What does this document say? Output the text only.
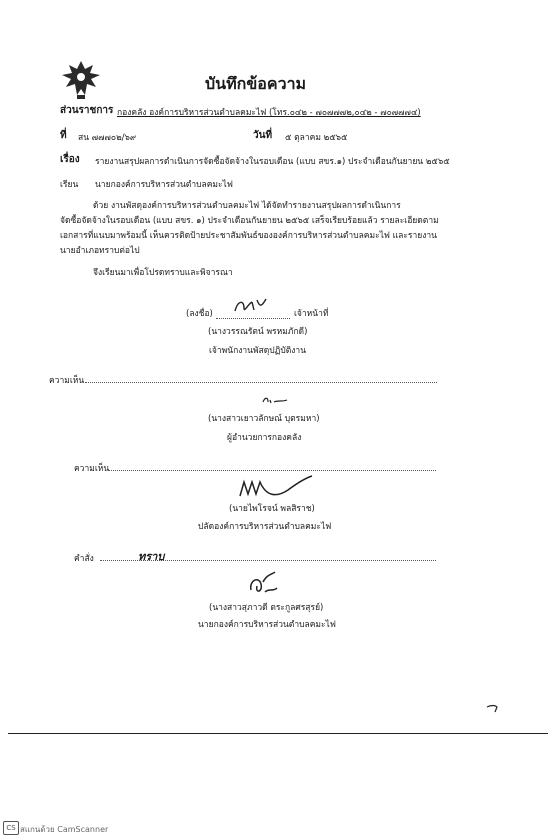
บันทึกข้อความ
ส่วนราชการ กองคลัง องค์การบริหารส่วนตำบลคมะไฟ (โทร.๐๔๒ - ๗๐๗๗๗๒,๐๔๒ - ๗๐๗๗๗๔)
ที่ สน ๗๗๗๐๒/๖๙	วันที่ ๕ ตุลาคม ๒๕๖๕
เรื่อง รายงานสรุปผลการดำเนินการจัดซื้อจัดจ้างในรอบเดือน (แบบ สขร.๑) ประจำเดือนกันยายน ๒๕๖๕
เรียน นายกองค์การบริหารส่วนตำบลคมะไฟ
ด้วย งานพัสดุองค์การบริหารส่วนตำบลคมะไฟ ได้จัดทำรายงานสรุปผลการดำเนินการ
จัดซื้อจัดจ้างในรอบเดือน (แบบ สขร. ๑) ประจำเดือนกันยายน ๒๕๖๕ เสร็จเรียบร้อยแล้ว รายละเอียดตาม
เอกสารที่แนบมาพร้อมนี้ เห็นควรติดป้ายประชาสัมพันธ์ขององค์การบริหารส่วนตำบลคมะไฟ และรายงาน
นายอำเภอทราบต่อไป
จึงเรียนมาเพื่อโปรดทราบและพิจารณา
(ลงชื่อ)	เจ้าหน้าที่
(นางวรรณรัตน์ พรหมภักดี)
เจ้าพนักงานพัสดุปฏิบัติงาน
ความเห็น
(นางสาวเยาวลักษณ์ บุตรมหา)
ผู้อำนวยการกองคลัง
ความเห็น
(นายไพโรจน์ พลสิราช)
ปลัดองค์การบริหารส่วนตำบลคมะไฟ
คำสั่ง	ทราบ
(นางสาวสุภาวดี ตระกูลศรสุรย์)
นายกองค์การบริหารส่วนตำบลคมะไฟ
CS สแกนด้วย CamScanner
